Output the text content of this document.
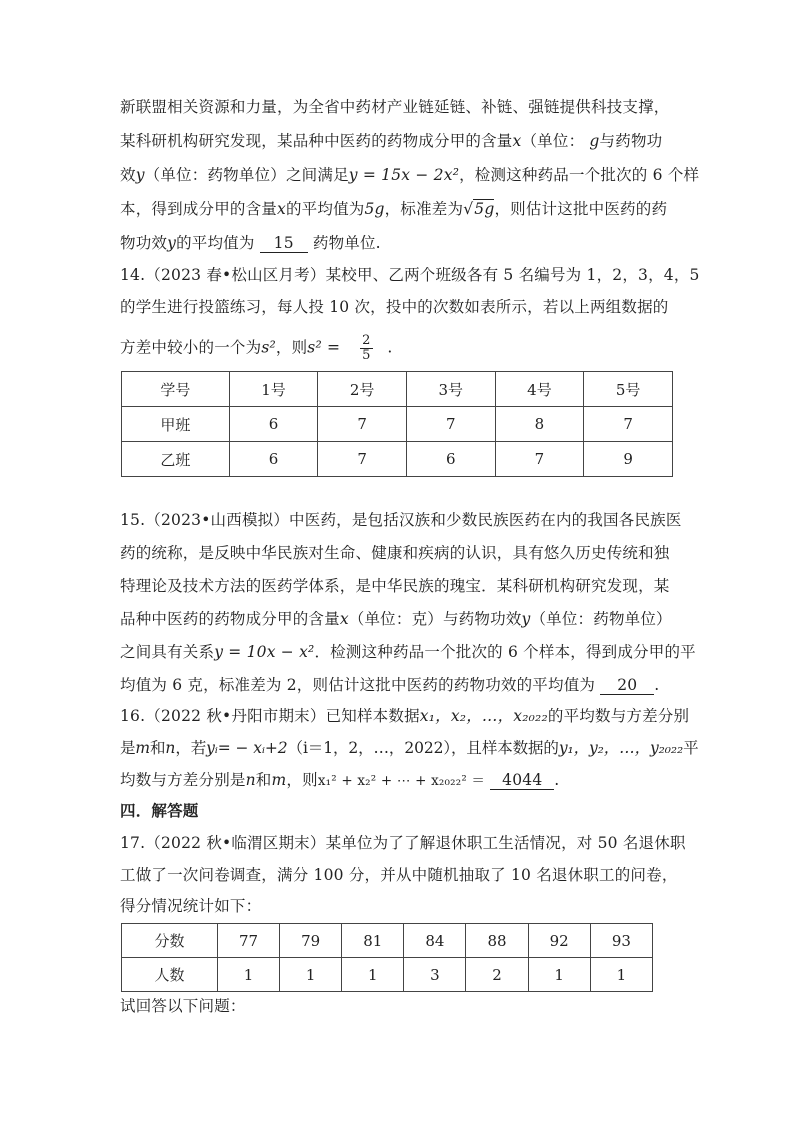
新联盟相关资源和力量，为全省中药材产业链延链、补链、强链提供科技支撑，
某科研机构研究发现，某品种中医药的药物成分甲的含量x（单位： g与药物功
效y（单位：药物单位）之间满足y = 15x − 2x²，检测这种药品一个批次的 6 个样
本，得到成分甲的含量x的平均值为5g，标准差为√5g，则估计这批中医药的药
物功效y的平均值为 15 药物单位.
14.（2023 春•松山区月考）某校甲、乙两个班级各有 5 名编号为 1，2，3，4，5
的学生进行投篮练习，每人投 10 次，投中的次数如表所示，若以上两组数据的
方差中较小的一个为s²，则$s^2 = \frac{2}{5}$ .
学号	1号	2号	3号	4号	5号
甲班	6	7	7	8	7
乙班	6	7	6	7	9
15.（2023•山西模拟）中医药，是包括汉族和少数民族医药在内的我国各民族医
药的统称，是反映中华民族对生命、健康和疾病的认识，具有悠久历史传统和独
特理论及技术方法的医药学体系，是中华民族的瑰宝．某科研机构研究发现，某
品种中医药的药物成分甲的含量x（单位：克）与药物功效y（单位：药物单位）
之间具有关系y = 10x − x²．检测这种药品一个批次的 6 个样本，得到成分甲的平
均值为 6 克，标准差为 2，则估计这批中医药的药物功效的平均值为 20 .
16.（2022 秋•丹阳市期末）已知样本数据x₁，x₂，…，x₂₀₂₂的平均数与方差分别
是m和n，若yᵢ= − xᵢ+2（i＝1，2，…，2022），且样本数据的y₁，y₂，…，y₂₀₂₂平
均数与方差分别是n和m，则x₁² + x₂² + ⋯ + x₂₀₂₂² ＝ 4044 .
四．解答题
17.（2022 秋•临渭区期末）某单位为了了解退休职工生活情况，对 50 名退休职
工做了一次问卷调查，满分 100 分，并从中随机抽取了 10 名退休职工的问卷，
得分情况统计如下：
分数	77	79	81	84	88	92	93
人数	1	1	1	3	2	1	1
试回答以下问题：
